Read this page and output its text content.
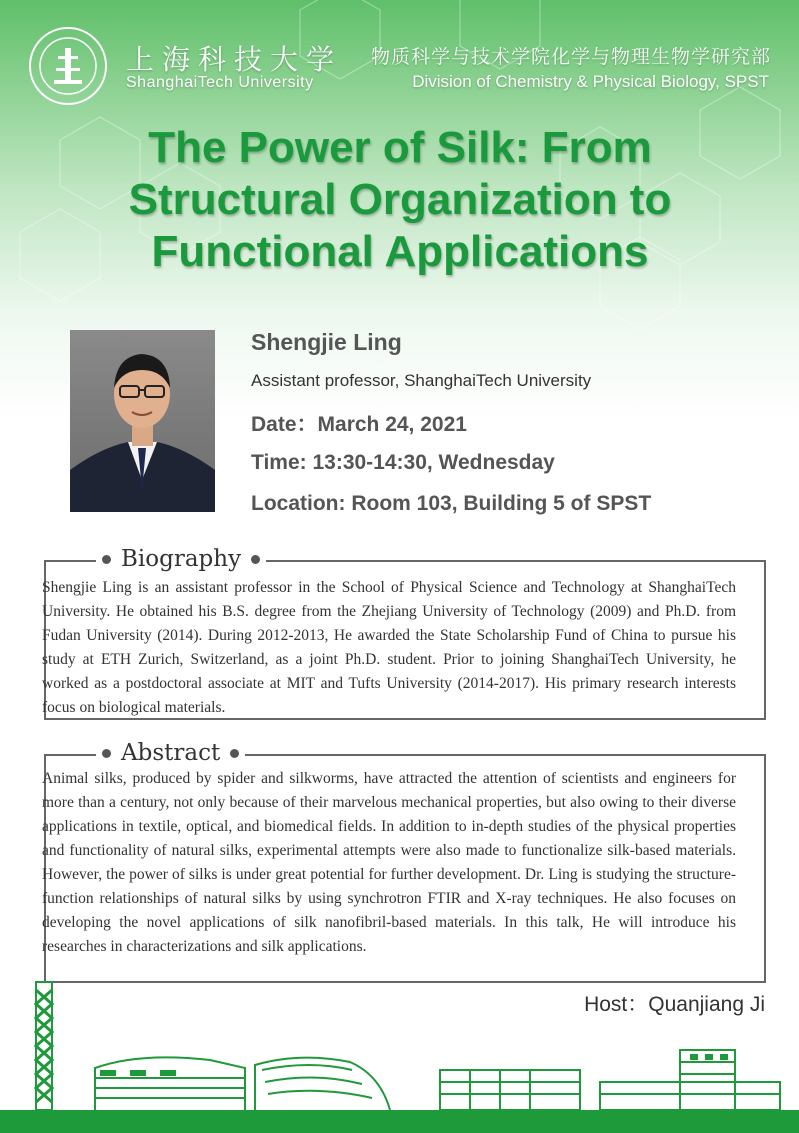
上海科技大学
ShanghaiTech University
物质科学与技术学院化学与物理生物学研究部
Division of Chemistry & Physical Biology, SPST
The Power of Silk: From Structural Organization to Functional Applications
Shengjie Ling
Assistant professor, ShanghaiTech University
Date：March 24, 2021
Time: 13:30-14:30, Wednesday
Location: Room 103, Building 5 of SPST
Biography
Shengjie Ling is an assistant professor in the School of Physical Science and Technology at ShanghaiTech University. He obtained his B.S. degree from the Zhejiang University of Technology (2009) and Ph.D. from Fudan University (2014). During 2012-2013, He awarded the State Scholarship Fund of China to pursue his study at ETH Zurich, Switzerland, as a joint Ph.D. student. Prior to joining ShanghaiTech University, he worked as a postdoctoral associate at MIT and Tufts University (2014-2017). His primary research interests focus on biological materials.
Abstract
Animal silks, produced by spider and silkworms, have attracted the attention of scientists and engineers for more than a century, not only because of their marvelous mechanical properties, but also owing to their diverse applications in textile, optical, and biomedical fields. In addition to in-depth studies of the physical properties and functionality of natural silks, experimental attempts were also made to functionalize silk-based materials. However, the power of silks is under great potential for further development. Dr. Ling is studying the structure-function relationships of natural silks by using synchrotron FTIR and X-ray techniques. He also focuses on developing the novel applications of silk nanofibril-based materials. In this talk, He will introduce his researches in characterizations and silk applications.
Host：Quanjiang Ji
